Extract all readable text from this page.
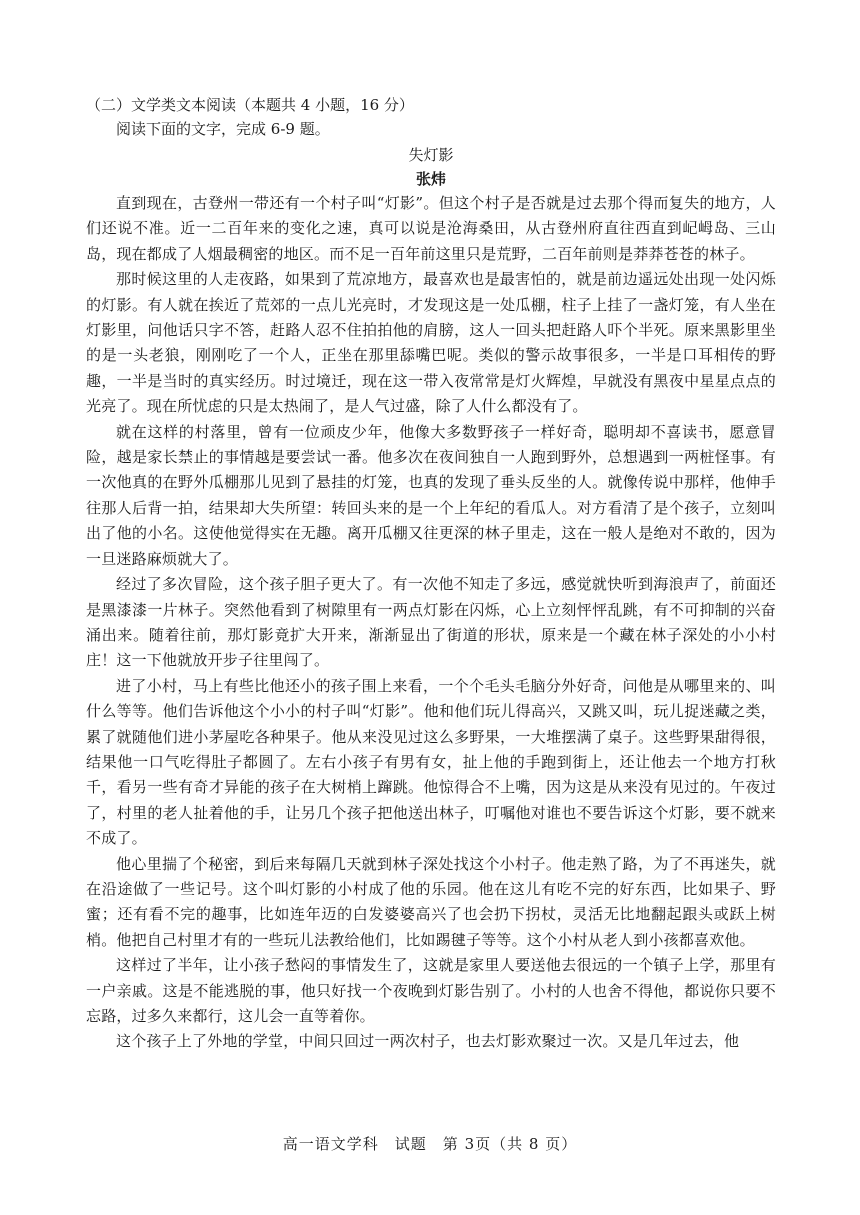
（二）文学类文本阅读（本题共 4 小题，16 分）

阅读下面的文字，完成 6-9 题。

失灯影

张炜

直到现在，古登州一带还有一个村子叫“灯影”。但这个村子是否就是过去那个得而复失的地方，人们还说不准。近一二百年来的变化之速，真可以说是沧海桑田，从古登州府直往西直到屺㟂岛、三山岛，现在都成了人烟最稠密的地区。而不足一百年前这里只是荒野，二百年前则是莽莽苍苍的林子。

那时候这里的人走夜路，如果到了荒凉地方，最喜欢也是最害怕的，就是前边遥远处出现一处闪烁的灯影。有人就在挨近了荒郊的一点儿光亮时，才发现这是一处瓜棚，柱子上挂了一盏灯笼，有人坐在灯影里，问他话只字不答，赶路人忍不住拍拍他的肩膀，这人一回头把赶路人吓个半死。原来黑影里坐的是一头老狼，刚刚吃了一个人，正坐在那里舔嘴巴呢。类似的警示故事很多，一半是口耳相传的野趣，一半是当时的真实经历。时过境迁，现在这一带入夜常常是灯火辉煌，早就没有黑夜中星星点点的光亮了。现在所忧虑的只是太热闹了，是人气过盛，除了人什么都没有了。

就在这样的村落里，曾有一位顽皮少年，他像大多数野孩子一样好奇，聪明却不喜读书，愿意冒险，越是家长禁止的事情越是要尝试一番。他多次在夜间独自一人跑到野外，总想遇到一两桩怪事。有一次他真的在野外瓜棚那儿见到了悬挂的灯笼，也真的发现了垂头反坐的人。就像传说中那样，他伸手往那人后背一拍，结果却大失所望：转回头来的是一个上年纪的看瓜人。对方看清了是个孩子，立刻叫出了他的小名。这使他觉得实在无趣。离开瓜棚又往更深的林子里走，这在一般人是绝对不敢的，因为一旦迷路麻烦就大了。

经过了多次冒险，这个孩子胆子更大了。有一次他不知走了多远，感觉就快听到海浪声了，前面还是黑漆漆一片林子。突然他看到了树隙里有一两点灯影在闪烁，心上立刻怦怦乱跳，有不可抑制的兴奋涌出来。随着往前，那灯影竟扩大开来，渐渐显出了街道的形状，原来是一个藏在林子深处的小小村庄！这一下他就放开步子往里闯了。

进了小村，马上有些比他还小的孩子围上来看，一个个毛头毛脑分外好奇，问他是从哪里来的、叫什么等等。他们告诉他这个小小的村子叫“灯影”。他和他们玩儿得高兴，又跳又叫，玩儿捉迷藏之类，累了就随他们进小茅屋吃各种果子。他从来没见过这么多野果，一大堆摆满了桌子。这些野果甜得很，结果他一口气吃得肚子都圆了。左右小孩子有男有女，扯上他的手跑到街上，还让他去一个地方打秋千，看另一些有奇才异能的孩子在大树梢上蹿跳。他惊得合不上嘴，因为这是从来没有见过的。午夜过了，村里的老人扯着他的手，让另几个孩子把他送出林子，叮嘱他对谁也不要告诉这个灯影，要不就来不成了。

他心里揣了个秘密，到后来每隔几天就到林子深处找这个小村子。他走熟了路，为了不再迷失，就在沿途做了一些记号。这个叫灯影的小村成了他的乐园。他在这儿有吃不完的好东西，比如果子、野蜜；还有看不完的趣事，比如连年迈的白发婆婆高兴了也会扔下拐杖，灵活无比地翻起跟头或跃上树梢。他把自己村里才有的一些玩儿法教给他们，比如踢毽子等等。这个小村从老人到小孩都喜欢他。

这样过了半年，让小孩子愁闷的事情发生了，这就是家里人要送他去很远的一个镇子上学，那里有一户亲戚。这是不能逃脱的事，他只好找一个夜晚到灯影告别了。小村的人也舍不得他，都说你只要不忘路，过多久来都行，这儿会一直等着你。

这个孩子上了外地的学堂，中间只回过一两次村子，也去灯影欢聚过一次。又是几年过去，他

高一语文学科　试题　第 3页（共 8 页）
